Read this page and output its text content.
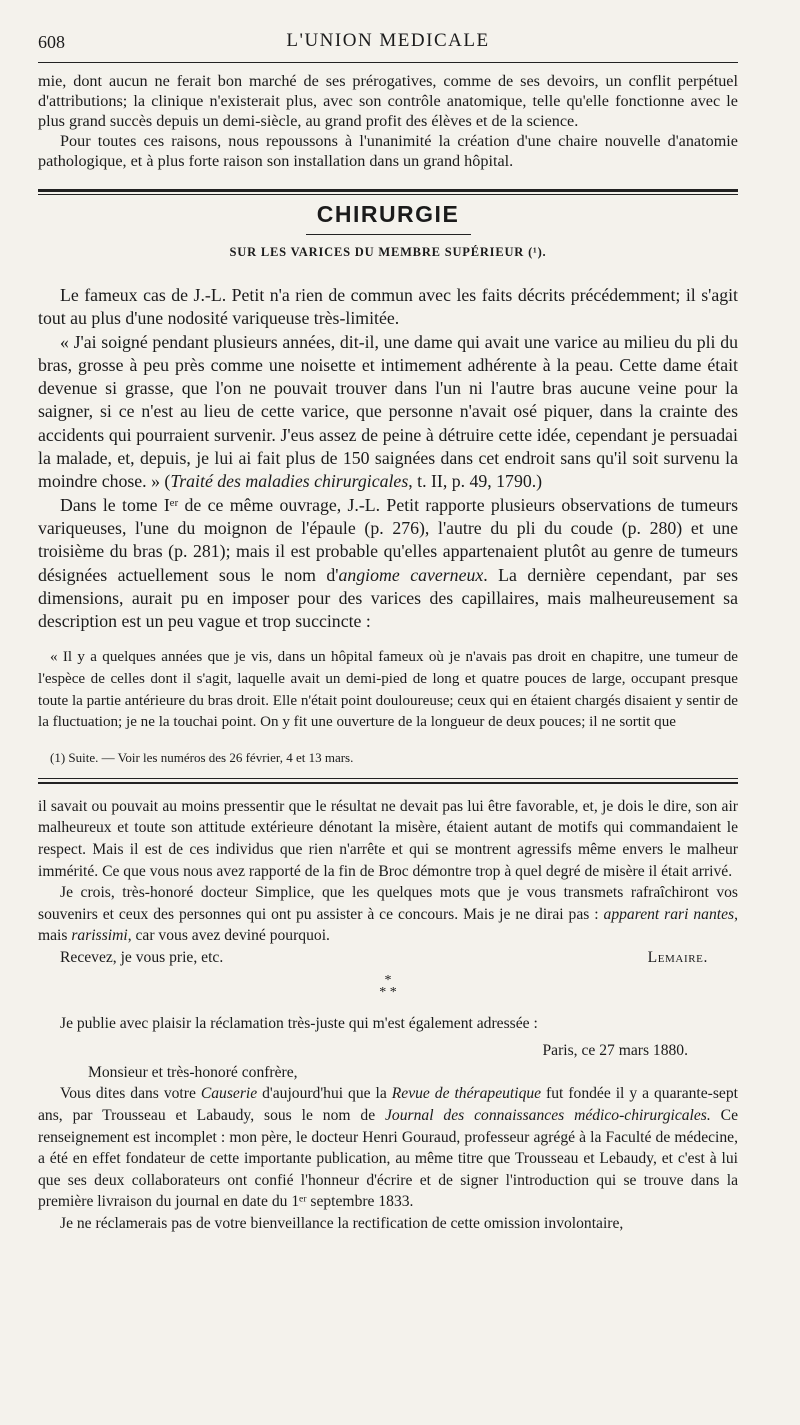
608	L'UNION MEDICALE

mie, dont aucun ne ferait bon marché de ses prérogatives, comme de ses devoirs, un conflit perpétuel d'attributions; la clinique n'existerait plus, avec son contrôle anatomique, telle qu'elle fonctionne avec le plus grand succès depuis un demi-siècle, au grand profit des élèves et de la science.

Pour toutes ces raisons, nous repoussons à l'unanimité la création d'une chaire nouvelle d'anatomie pathologique, et à plus forte raison son installation dans un grand hôpital.

CHIRURGIE
SUR LES VARICES DU MEMBRE SUPÉRIEUR (¹).

Le fameux cas de J.-L. Petit n'a rien de commun avec les faits décrits précédemment; il s'agit tout au plus d'une nodosité variqueuse très-limitée.

« J'ai soigné pendant plusieurs années, dit-il, une dame qui avait une varice au milieu du pli du bras, grosse à peu près comme une noisette et intimement adhérente à la peau. Cette dame était devenue si grasse, que l'on ne pouvait trouver dans l'un ni l'autre bras aucune veine pour la saigner, si ce n'est au lieu de cette varice, que personne n'avait osé piquer, dans la crainte des accidents qui pourraient survenir. J'eus assez de peine à détruire cette idée, cependant je persuadai la malade, et, depuis, je lui ai fait plus de 150 saignées dans cet endroit sans qu'il soit survenu la moindre chose. » (Traité des maladies chirurgicales, t. II, p. 49, 1790.)

Dans le tome Iᵉʳ de ce même ouvrage, J.-L. Petit rapporte plusieurs observations de tumeurs variqueuses, l'une du moignon de l'épaule (p. 276), l'autre du pli du coude (p. 280) et une troisième du bras (p. 281); mais il est probable qu'elles appartenaient plutôt au genre de tumeurs désignées actuellement sous le nom d'angiome caverneux. La dernière cependant, par ses dimensions, aurait pu en imposer pour des varices des capillaires, mais malheureusement sa description est un peu vague et trop succincte :

« Il y a quelques années que je vis, dans un hôpital fameux où je n'avais pas droit en chapitre, une tumeur de l'espèce de celles dont il s'agit, laquelle avait un demi-pied de long et quatre pouces de large, occupant presque toute la partie antérieure du bras droit. Elle n'était point douloureuse; ceux qui en étaient chargés disaient y sentir de la fluctuation; je ne la touchai point. On y fit une ouverture de la longueur de deux pouces; il ne sortit que

(1) Suite. — Voir les numéros des 26 février, 4 et 13 mars.

il savait ou pouvait au moins pressentir que le résultat ne devait pas lui être favorable, et, je dois le dire, son air malheureux et toute son attitude extérieure dénotant la misère, étaient autant de motifs qui commandaient le respect. Mais il est de ces individus que rien n'arrête et qui se montrent agressifs même envers le malheur immérité. Ce que vous nous avez rapporté de la fin de Broc démontre trop à quel degré de misère il était arrivé.

Je crois, très-honoré docteur Simplice, que les quelques mots que je vous transmets rafraîchiront vos souvenirs et ceux des personnes qui ont pu assister à ce concours. Mais je ne dirai pas : apparent rari nantes, mais rarissimi, car vous avez deviné pourquoi.

Recevez, je vous prie, etc.	Lemaire.
*
* *

Je publie avec plaisir la réclamation très-juste qui m'est également adressée :

Paris, ce 27 mars 1880.
Monsieur et très-honoré confrère,

Vous dites dans votre Causerie d'aujourd'hui que la Revue de thérapeutique fut fondée il y a quarante-sept ans, par Trousseau et Labaudy, sous le nom de Journal des connaissances médico-chirurgicales. Ce renseignement est incomplet : mon père, le docteur Henri Gouraud, professeur agrégé à la Faculté de médecine, a été en effet fondateur de cette importante publication, au même titre que Trousseau et Lebaudy, et c'est à lui que ses deux collaborateurs ont confié l'honneur d'écrire et de signer l'introduction qui se trouve dans la première livraison du journal en date du 1ᵉʳ septembre 1833.

Je ne réclamerais pas de votre bienveillance la rectification de cette omission involontaire,
